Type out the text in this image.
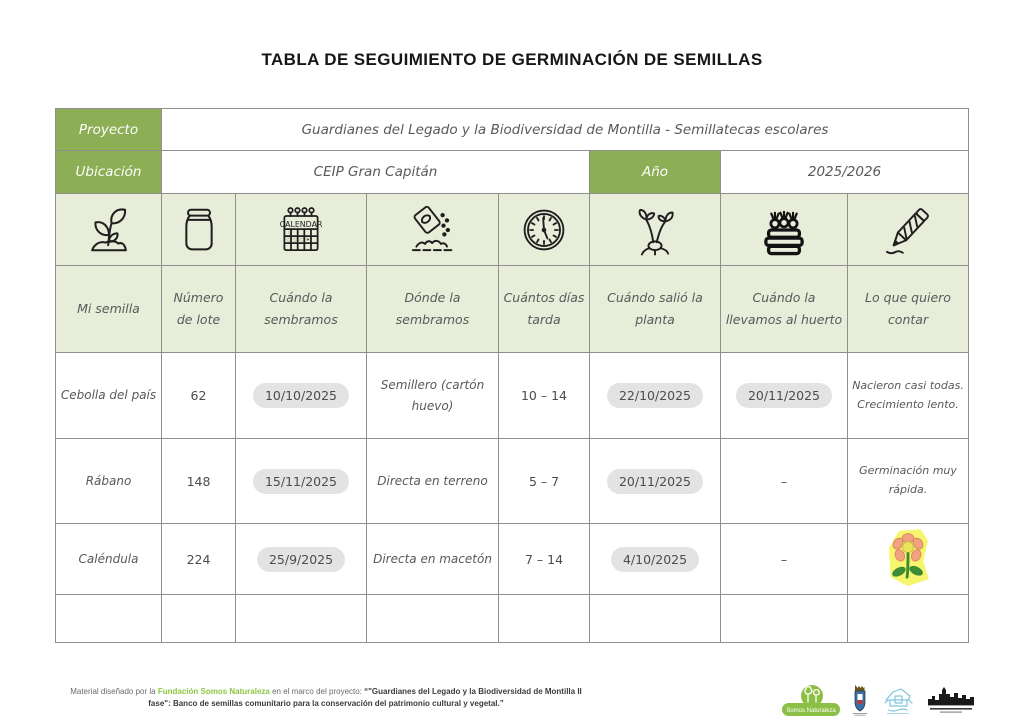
TABLA DE SEGUIMIENTO DE GERMINACIÓN DE SEMILLAS
Proyecto	Guardianes del Legado y la Biodiversidad de Montilla - Semillatecas escolares						
Ubicación	CEIP Gran Capitán				Año	2025/2026	

CALENDAR
♡
♡ ♡ ♡ *

Mi semilla	Número de lote	Cuándo la sembramos	Dónde la sembramos	Cuántos días tarda	Cuándo salió la planta	Cuándo la llevamos al huerto	Lo que quiero contar
Cebolla del país	62	10/10/2025	Semillero (cartón huevo)	10 – 14	22/10/2025	20/11/2025	Nacieron casi todas. Crecimiento lento.
Rábano	148	15/11/2025	Directa en terreno	5 – 7	20/11/2025	–	Germinación muy rápida.
Caléndula	224	25/9/2025	Directa en macetón	7 – 14	4/10/2025	–	

Material diseñado por la Fundación Somos Naturaleza en el marco del proyecto: “"Guardianes del Legado y la Biodiversidad de Montilla II fase": Banco de semillas comunitario para la conservación del patrimonio cultural y vegetal.”
Somos Naturaleza
